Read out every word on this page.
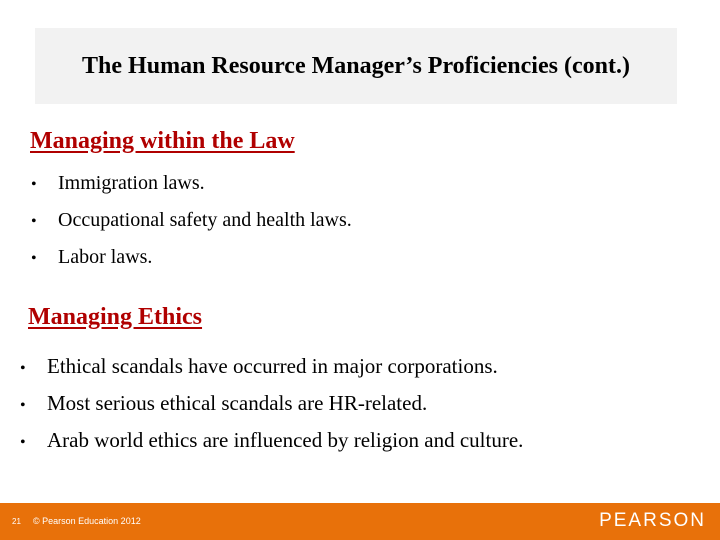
The Human Resource Manager’s Proficiencies (cont.)
Managing within the Law
•	Immigration laws.
•	Occupational safety and health laws.
•	Labor laws.
Managing Ethics
•	Ethical scandals have occurred in major corporations.
•	Most serious ethical scandals are HR-related.
•	Arab world ethics are influenced by religion and culture.
21 © Pearson Education 2012	PEARSON
